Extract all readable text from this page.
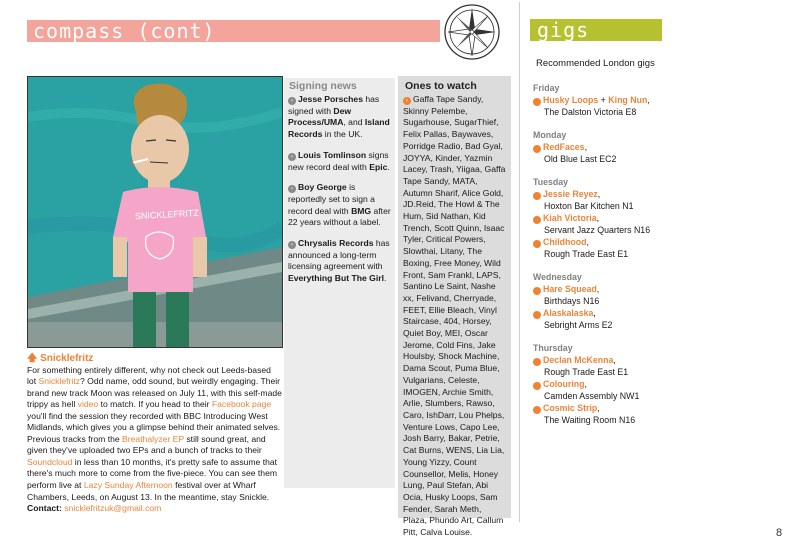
compass (cont)	gigs
SNICKLEFRITZ
Signing news
› Jesse Porsches has signed with Dew Process/UMA, and Island Records in the UK.
› Louis Tomlinson signs new record deal with Epic.
› Boy George is reportedly set to sign a record deal with BMG after 22 years without a label.
› Chrysalis Records has announced a long-term licensing agreement with Everything But The Girl.
Ones to watch
› Gaffa Tape Sandy, Skinny Pelembe, Sugarhouse, SugarThief, Felix Pallas, Baywaves, Porridge Radio, Bad Gyal, JOYYA, Kinder, Yazmin Lacey, Trash, Yiigaa, Gaffa Tape Sandy, MATA, Autumn Sharif, Alice Gold, JD.Reid, The Howl & The Hum, Sid Nathan, Kid Trench, Scott Quinn, Isaac Tyler, Critical Powers, Slowthai, Litany, The Boxing, Free Money, Wild Front, Sam Frankl, LAPS, Santino Le Saint, Nashe xx, Felivand, Cherryade, FEET, Ellie Bleach, Vinyl Staircase, 404, Horsey, Quiet Boy, MEI, Oscar Jerome, Cold Fins, Jake Houlsby, Shock Machine, Dama Scout, Puma Blue, Vulgarians, Celeste, IMOGEN, Archie Smith, Arlie, Slumbers, Rawso, Caro, IshDarr, Lou Phelps, Venture Lows, Capo Lee, Josh Barry, Bakar, Petrie, Cat Burns, WENS, Lia Lia, Young Yizzy, Count Counsellor, Melis, Honey Lung, Paul Stefan, Abi Ocia, Husky Loops, Sam Fender, Sarah Meth, Plaza, Phundo Art, Callum Pitt, Calva Louise.
🡅 Snicklefritz
For something entirely different, why not check out Leeds-based lot Snicklefritz? Odd name, odd sound, but weirdly engaging. Their brand new track Moon was released on July 11, with this self-made trippy as hell video to match. If you head to their Facebook page you'll find the session they recorded with BBC Introducing West Midlands, which gives you a glimpse behind their animated selves. Previous tracks from the Breathalyzer EP still sound great, and given they've uploaded two EPs and a bunch of tracks to their Soundcloud in less than 10 months, it's pretty safe to assume that there's much more to come from the five-piece. You can see them perform live at Lazy Sunday Afternoon festival over at Wharf Chambers, Leeds, on August 13. In the meantime, stay Snickle.
Contact: snicklefritzuk@gmail.com
Recommended London gigs
Friday
› Husky Loops + King Nun,
The Dalston Victoria E8
Monday
› RedFaces,
Old Blue Last EC2
Tuesday
› Jessie Reyez,
Hoxton Bar Kitchen N1
› Kiah Victoria,
Servant Jazz Quarters N16
› Childhood,
Rough Trade East E1
Wednesday
› Hare Squead,
Birthdays N16
› Alaskalaska,
Sebright Arms E2
Thursday
› Declan McKenna,
Rough Trade East E1
› Colouring,
Camden Assembly NW1
› Cosmic Strip,
The Waiting Room N16
8
